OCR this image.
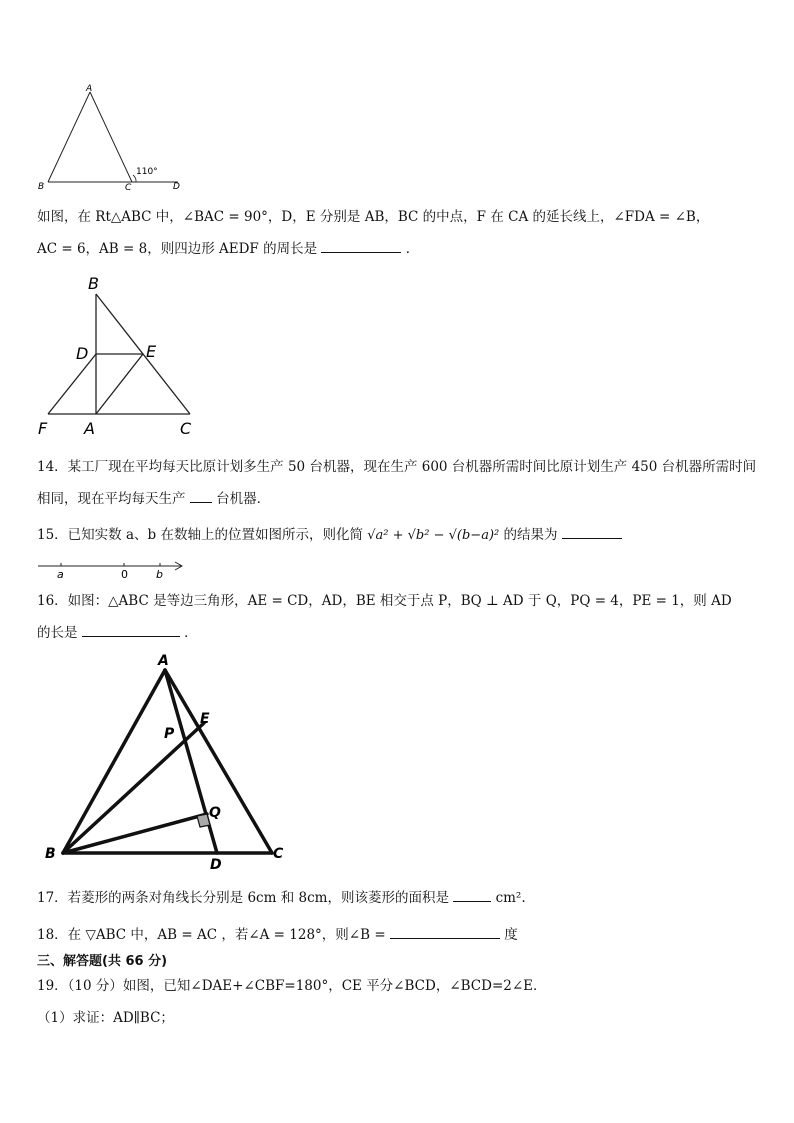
A
B	C	D
110°
如图，在 Rt△ABC 中，∠BAC = 90°，D，E 分别是 AB，BC 的中点，F 在 CA 的延长线上，∠FDA = ∠B，
AC = 6，AB = 8，则四边形 AEDF 的周长是	．
B
D	E
F A	C
14．某工厂现在平均每天比原计划多生产 50 台机器，现在生产 600 台机器所需时间比原计划生产 450 台机器所需时间
相同，现在平均每天生产 台机器．
15．已知实数 a、b 在数轴上的位置如图所示，则化简 √a² + √b² − √(b−a)² 的结果为
a	0	b
16．如图：△ABC 是等边三角形，AE = CD，AD，BE 相交于点 P，BQ ⊥ AD 于 Q，PQ = 4，PE = 1，则 AD
的长是	．
A
E
P
Q
B
D
C
17．若菱形的两条对角线长分别是 6cm 和 8cm，则该菱形的面积是	cm².
18．在 ▽ABC 中，AB = AC ，若∠A = 128°，则∠B =	度
三、解答题(共 66 分)
19．（10 分）如图，已知∠DAE+∠CBF=180°，CE 平分∠BCD，∠BCD=2∠E．
（1）求证：AD∥BC；
